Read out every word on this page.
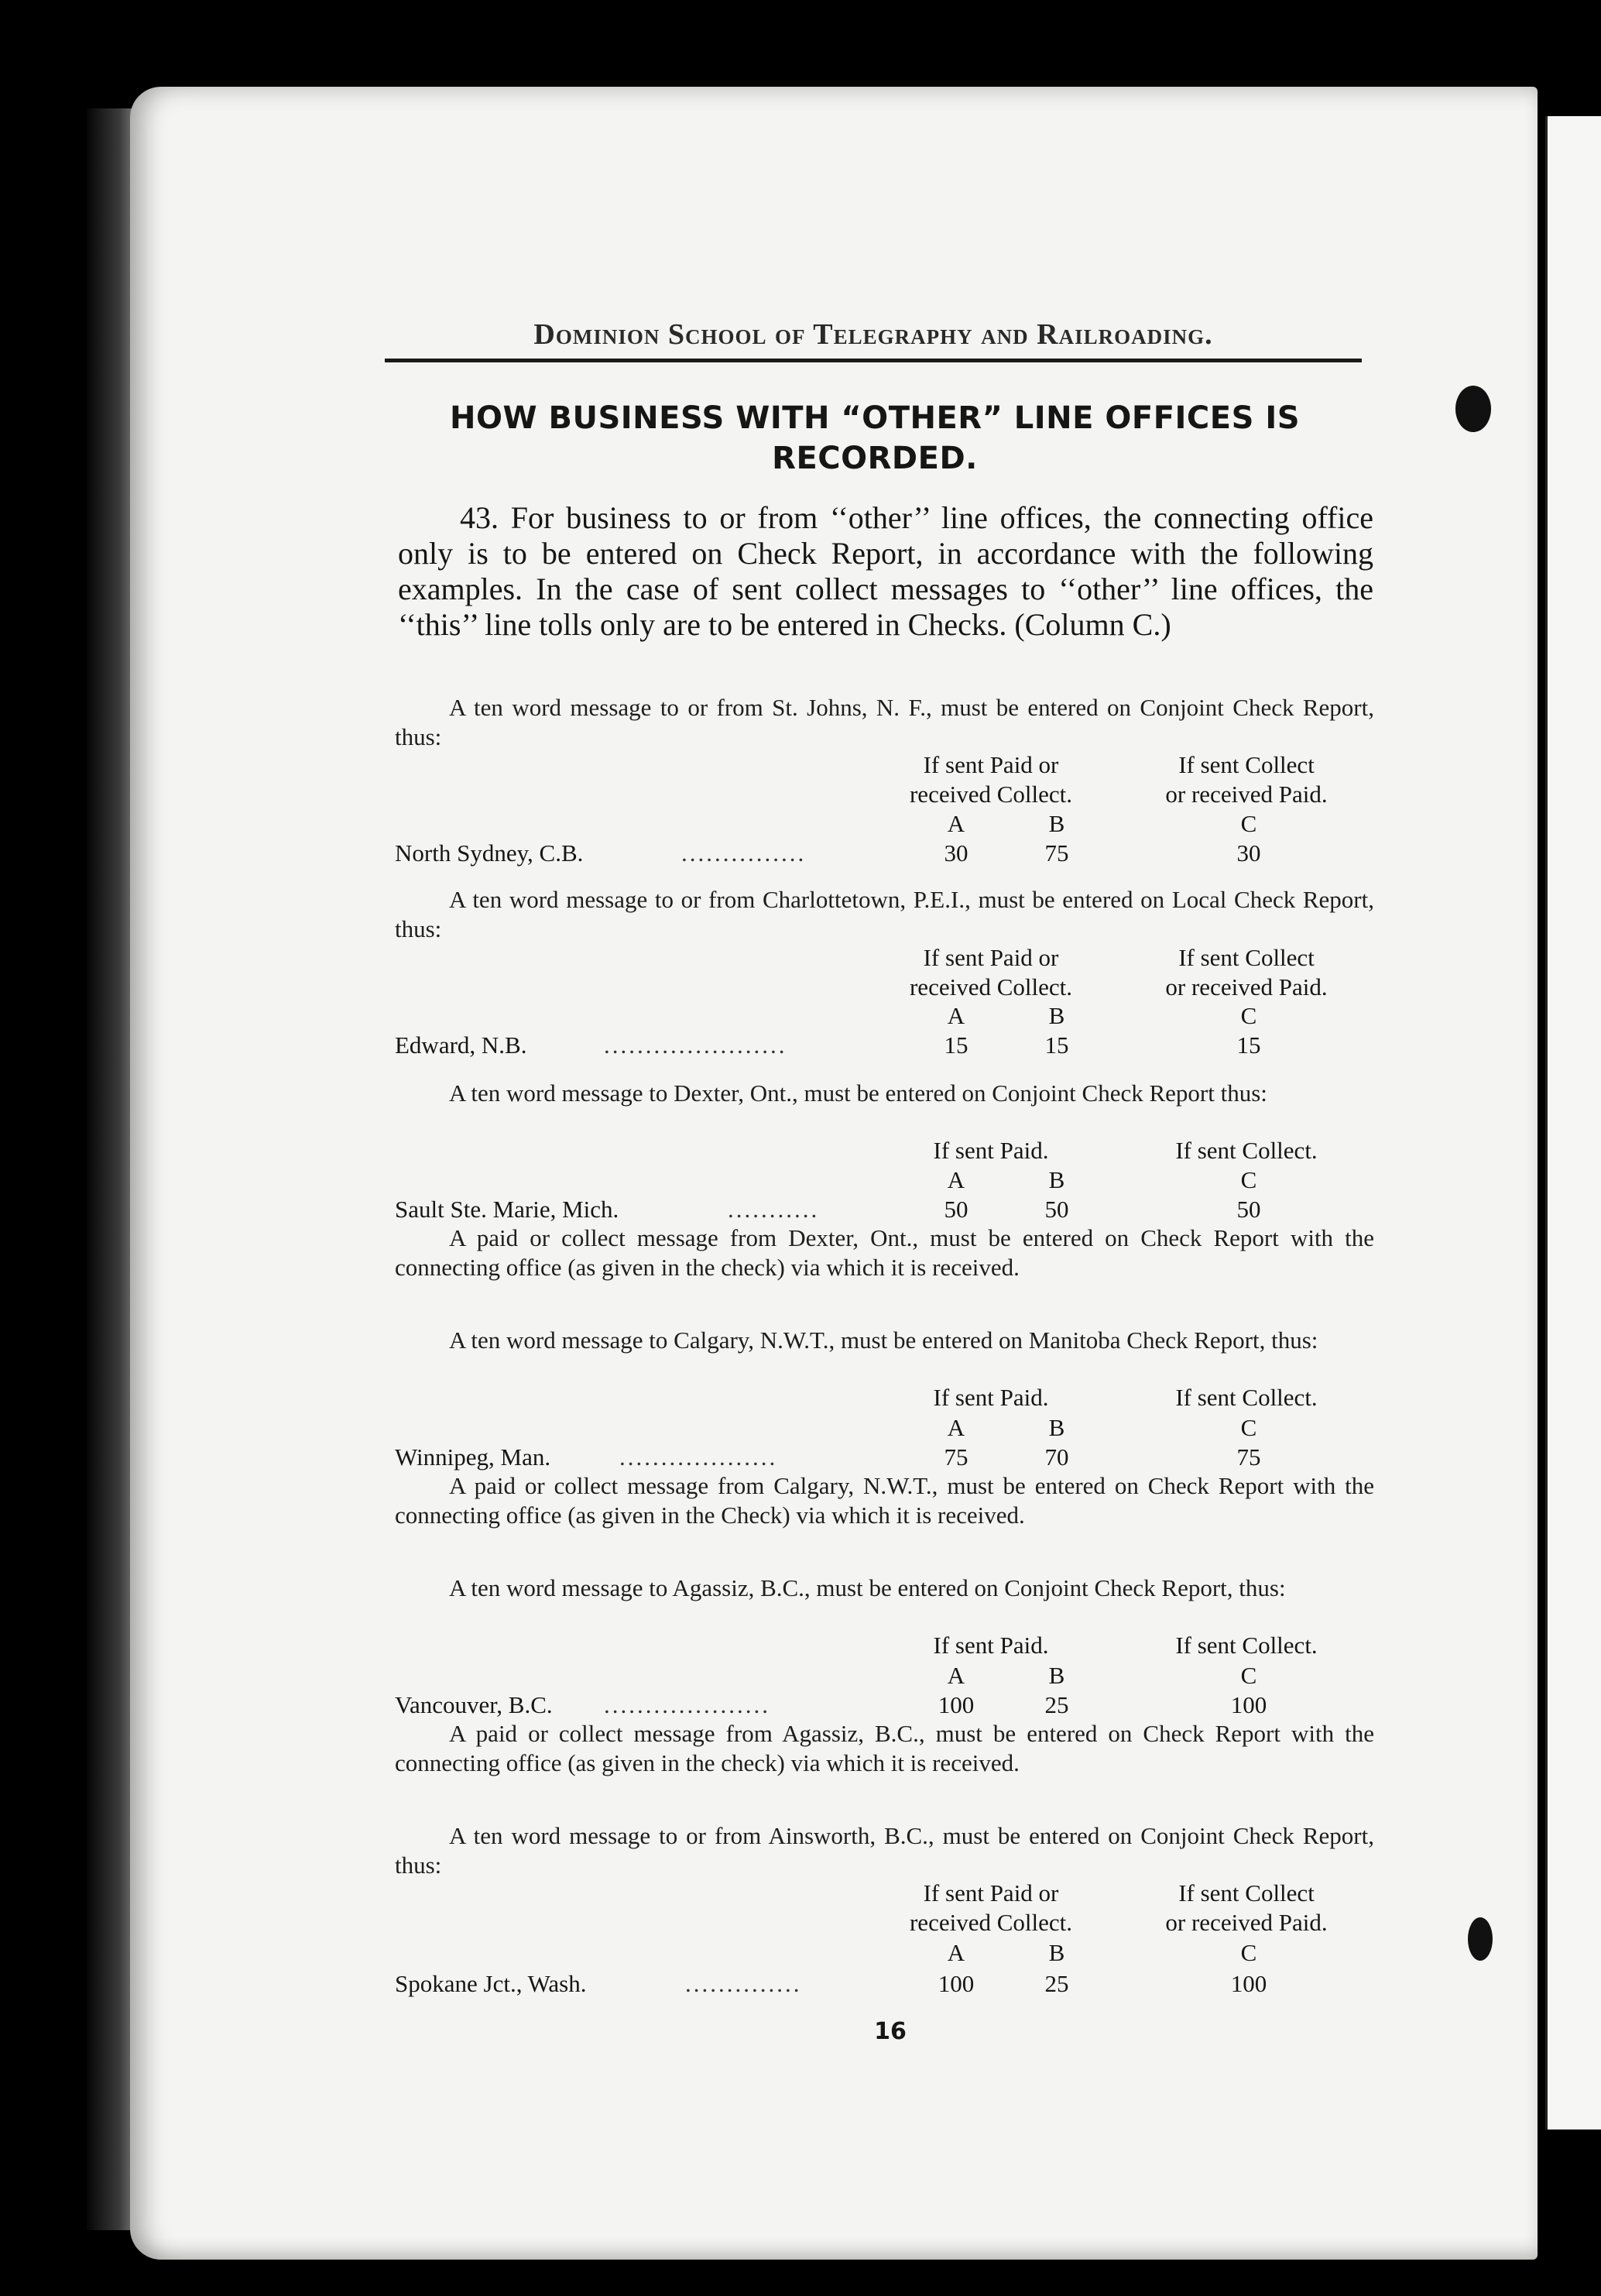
Dominion School of Telegraphy and Railroading.
HOW BUSINESS WITH “OTHER” LINE OFFICES IS
RECORDED.
43. For business to or from ‘‘other’’ line offices, the connecting office only is to be entered on Check Report, in accordance with the following examples. In the case of sent collect messages to ‘‘other’’ line offices, the ‘‘this’’ line tolls only are to be entered in Checks. (Column C.)
A ten word message to or from St. Johns, N. F., must be entered on Conjoint Check Report, thus:
If sent Paid or
received Collect.
If sent Collect
or received Paid.
A	B	C
North Sydney, C.B.	...............	30	75	30
A ten word message to or from Charlottetown, P.E.I., must be entered on Local Check Report, thus:
If sent Paid or
received Collect.
If sent Collect
or received Paid.
A	B	C
Edward, N.B.	......................	15	15	15
A ten word message to Dexter, Ont., must be entered on Conjoint Check Report thus:
If sent Paid.	If sent Collect.
A	B	C
Sault Ste. Marie, Mich.	...........	50	50	50
A paid or collect message from Dexter, Ont., must be entered on Check Report with the connecting office (as given in the check) via which it is received.
A ten word message to Calgary, N.W.T., must be entered on Manitoba Check Report, thus:
If sent Paid.	If sent Collect.
A	B	C
Winnipeg, Man.	...................	75	70	75
A paid or collect message from Calgary, N.W.T., must be entered on Check Report with the connecting office (as given in the Check) via which it is received.
A ten word message to Agassiz, B.C., must be entered on Conjoint Check Report, thus:
If sent Paid.	If sent Collect.
A	B	C
Vancouver, B.C. ....................	100	25	100
A paid or collect message from Agassiz, B.C., must be entered on Check Report with the connecting office (as given in the check) via which it is received.
A ten word message to or from Ainsworth, B.C., must be entered on Conjoint Check Report, thus:
If sent Paid or
received Collect.
If sent Collect
or received Paid.
A	B	C
Spokane Jct., Wash.	..............	100	25	100
16
